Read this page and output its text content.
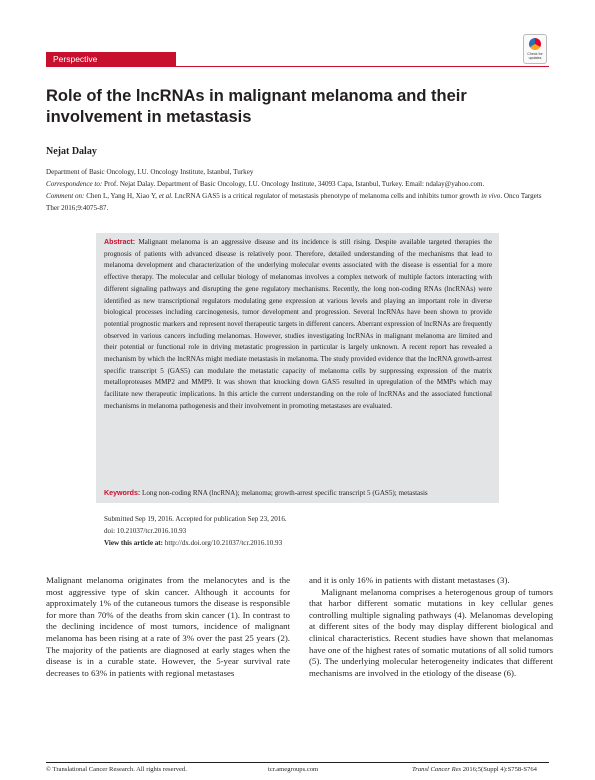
Perspective	Check for updates
Role of the lncRNAs in malignant melanoma and their involvement in metastasis
Nejat Dalay
Department of Basic Oncology, I.U. Oncology Institute, Istanbul, Turkey
Correspondence to: Prof. Nejat Dalay. Department of Basic Oncology, I.U. Oncology Institute, 34093 Capa, Istanbul, Turkey. Email: ndalay@yahoo.com.
Comment on: Chen L, Yang H, Xiao Y, et al. LncRNA GAS5 is a critical regulator of metastasis phenotype of melanoma cells and inhibits tumor growth in vivo. Onco Targets Ther 2016;9:4075-87.
Abstract: Malignant melanoma is an aggressive disease and its incidence is still rising. Despite available targeted therapies the prognosis of patients with advanced disease is relatively poor. Therefore, detailed understanding of the mechanisms that lead to melanoma development and characterization of the underlying molecular events associated with the disease is essential for a more effective therapy. The molecular and cellular biology of melanomas involves a complex network of multiple factors interacting with different signaling pathways and disrupting the gene regulatory mechanisms. Recently, the long non-coding RNAs (lncRNAs) were identified as new transcriptional regulators modulating gene expression at various levels and playing an important role in diverse biological processes including carcinogenesis, tumor development and progression. Several lncRNAs have been shown to provide potential prognostic markers and represent novel therapeutic targets in different cancers. Aberrant expression of lncRNAs are frequently observed in various cancers including melanomas. However, studies investigating lncRNAs in malignant melanoma are limited and their potential or functional role in driving metastatic progression in particular is largely unknown. A recent report has revealed a mechanism by which the lncRNAs might mediate metastasis in melanoma. The study provided evidence that the lncRNA growth-arrest specific transcript 5 (GAS5) can modulate the metastatic capacity of melanoma cells by suppressing expression of the matrix metalloproteases MMP2 and MMP9. It was shown that knocking down GAS5 resulted in upregulation of the MMPs which may facilitate new therapeutic implications. In this article the current understanding on the role of lncRNAs and the associated functional mechanisms in melanoma pathogenesis and their involvement in promoting metastases are evaluated.
Keywords: Long non-coding RNA (lncRNA); melanoma; growth-arrest specific transcript 5 (GAS5); metastasis
Submitted Sep 19, 2016. Accepted for publication Sep 23, 2016.
doi: 10.21037/tcr.2016.10.93
View this article at: http://dx.doi.org/10.21037/tcr.2016.10.93

Malignant melanoma originates from the melanocytes and is the most aggressive type of skin cancer. Although it accounts for approximately 1% of the cutaneous tumors the disease is responsible for more than 70% of the deaths from skin cancer (1). In contrast to the declining incidence of most tumors, incidence of malignant melanoma has been rising at a rate of 3% over the past 25 years (2). The majority of the patients are diagnosed at early stages when the disease is in a curable state. However, the 5-year survival rate decreases to 63% in patients with regional metastases

and it is only 16% in patients with distant metastases (3).

Malignant melanoma comprises a heterogenous group of tumors that harbor different somatic mutations in key cellular genes controlling multiple signaling pathways (4). Melanomas developing at different sites of the body may display different biological and clinical characteristics. Recent studies have shown that melanomas have one of the highest rates of somatic mutations of all solid tumors (5). The underlying molecular heterogeneity indicates that different mechanisms are involved in the etiology of the disease (6).

© Translational Cancer Research. All rights reserved.	tcr.amegroups.com	Transl Cancer Res 2016;5(Suppl 4):S758-S764
